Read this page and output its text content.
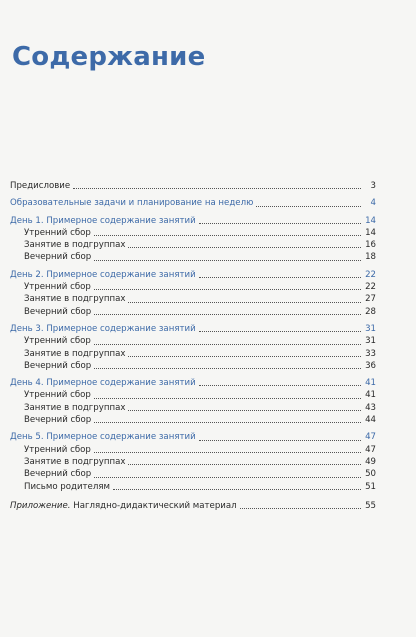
Содержание
Предисловие	3
Образовательные задачи и планирование на неделю	4
День 1. Примерное содержание занятий	14
Утренний сбор	14
Занятие в подгруппах	16
Вечерний сбор	18
День 2. Примерное содержание занятий	22
Утренний сбор	22
Занятие в подгруппах	27
Вечерний сбор	28
День 3. Примерное содержание занятий	31
Утренний сбор	31
Занятие в подгруппах	33
Вечерний сбор	36
День 4. Примерное содержание занятий	41
Утренний сбор	41
Занятие в подгруппах	43
Вечерний сбор	44
День 5. Примерное содержание занятий	47
Утренний сбор	47
Занятие в подгруппах	49
Вечерний сбор	50
Письмо родителям	51
Приложение. Наглядно-дидактический материал	55
